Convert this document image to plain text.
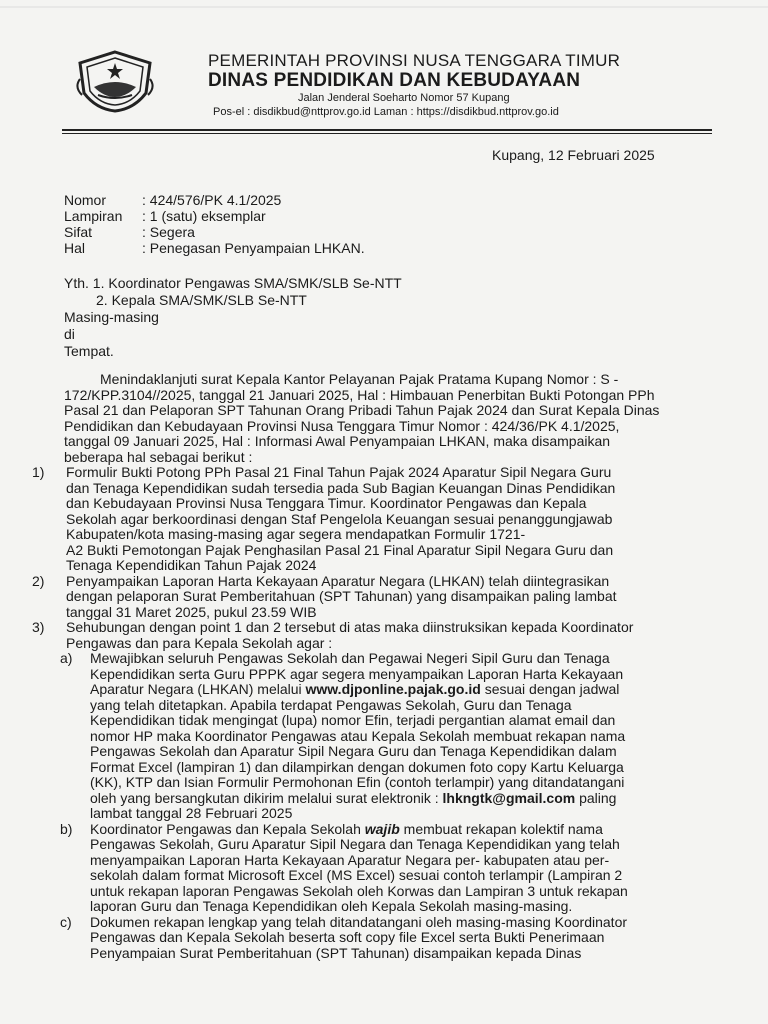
PEMERINTAH PROVINSI NUSA TENGGARA TIMUR
DINAS PENDIDIKAN DAN KEBUDAYAAN
Jalan Jenderal Soeharto Nomor 57 Kupang
Pos-el : disdikbud@nttprov.go.id Laman : https://disdikbud.nttprov.go.id
Kupang, 12 Februari 2025
Nomor	: 424/576/PK 4.1/2025
Lampiran	: 1 (satu) eksemplar
Sifat	: Segera
Hal	: Penegasan Penyampaian LHKAN.
Yth. 1. Koordinator Pengawas SMA/SMK/SLB Se-NTT
2. Kepala SMA/SMK/SLB Se-NTT
Masing-masing
di
Tempat.
Menindaklanjuti surat Kepala Kantor Pelayanan Pajak Pratama Kupang Nomor : S -
172/KPP.3104//2025, tanggal 21 Januari 2025, Hal : Himbauan Penerbitan Bukti Potongan PPh
Pasal 21 dan Pelaporan SPT Tahunan Orang Pribadi Tahun Pajak 2024 dan Surat Kepala Dinas
Pendidikan dan Kebudayaan Provinsi Nusa Tenggara Timur Nomor : 424/36/PK 4.1/2025,
tanggal 09 Januari 2025, Hal : Informasi Awal Penyampaian LHKAN, maka disampaikan
beberapa hal sebagai berikut :
1) Formulir Bukti Potong PPh Pasal 21 Final Tahun Pajak 2024 Aparatur Sipil Negara Guru
dan Tenaga Kependidikan sudah tersedia pada Sub Bagian Keuangan Dinas Pendidikan
dan Kebudayaan Provinsi Nusa Tenggara Timur. Koordinator Pengawas dan Kepala
Sekolah agar berkoordinasi dengan Staf Pengelola Keuangan sesuai penanggungjawab
Kabupaten/kota masing-masing agar segera mendapatkan Formulir 1721-
A2 Bukti Pemotongan Pajak Penghasilan Pasal 21 Final Aparatur Sipil Negara Guru dan
Tenaga Kependidikan Tahun Pajak 2024
2) Penyampaikan Laporan Harta Kekayaan Aparatur Negara (LHKAN) telah diintegrasikan
dengan pelaporan Surat Pemberitahuan (SPT Tahunan) yang disampaikan paling lambat
tanggal 31 Maret 2025, pukul 23.59 WIB
3) Sehubungan dengan point 1 dan 2 tersebut di atas maka diinstruksikan kepada Koordinator
Pengawas dan para Kepala Sekolah agar :
a) Mewajibkan seluruh Pengawas Sekolah dan Pegawai Negeri Sipil Guru dan Tenaga
Kependidikan serta Guru PPPK agar segera menyampaikan Laporan Harta Kekayaan
Aparatur Negara (LHKAN) melalui www.djponline.pajak.go.id sesuai dengan jadwal
yang telah ditetapkan. Apabila terdapat Pengawas Sekolah, Guru dan Tenaga
Kependidikan tidak mengingat (lupa) nomor Efin, terjadi pergantian alamat email dan
nomor HP maka Koordinator Pengawas atau Kepala Sekolah membuat rekapan nama
Pengawas Sekolah dan Aparatur Sipil Negara Guru dan Tenaga Kependidikan dalam
Format Excel (lampiran 1) dan dilampirkan dengan dokumen foto copy Kartu Keluarga
(KK), KTP dan Isian Formulir Permohonan Efin (contoh terlampir) yang ditandatangani
oleh yang bersangkutan dikirim melalui surat elektronik : lhkngtk@gmail.com paling
lambat tanggal 28 Februari 2025
b) Koordinator Pengawas dan Kepala Sekolah wajib membuat rekapan kolektif nama
Pengawas Sekolah, Guru Aparatur Sipil Negara dan Tenaga Kependidikan yang telah
menyampaikan Laporan Harta Kekayaan Aparatur Negara per- kabupaten atau per-
sekolah dalam format Microsoft Excel (MS Excel) sesuai contoh terlampir (Lampiran 2
untuk rekapan laporan Pengawas Sekolah oleh Korwas dan Lampiran 3 untuk rekapan
laporan Guru dan Tenaga Kependidikan oleh Kepala Sekolah masing-masing.
c) Dokumen rekapan lengkap yang telah ditandatangani oleh masing-masing Koordinator
Pengawas dan Kepala Sekolah beserta soft copy file Excel serta Bukti Penerimaan
Penyampaian Surat Pemberitahuan (SPT Tahunan) disampaikan kepada Dinas
